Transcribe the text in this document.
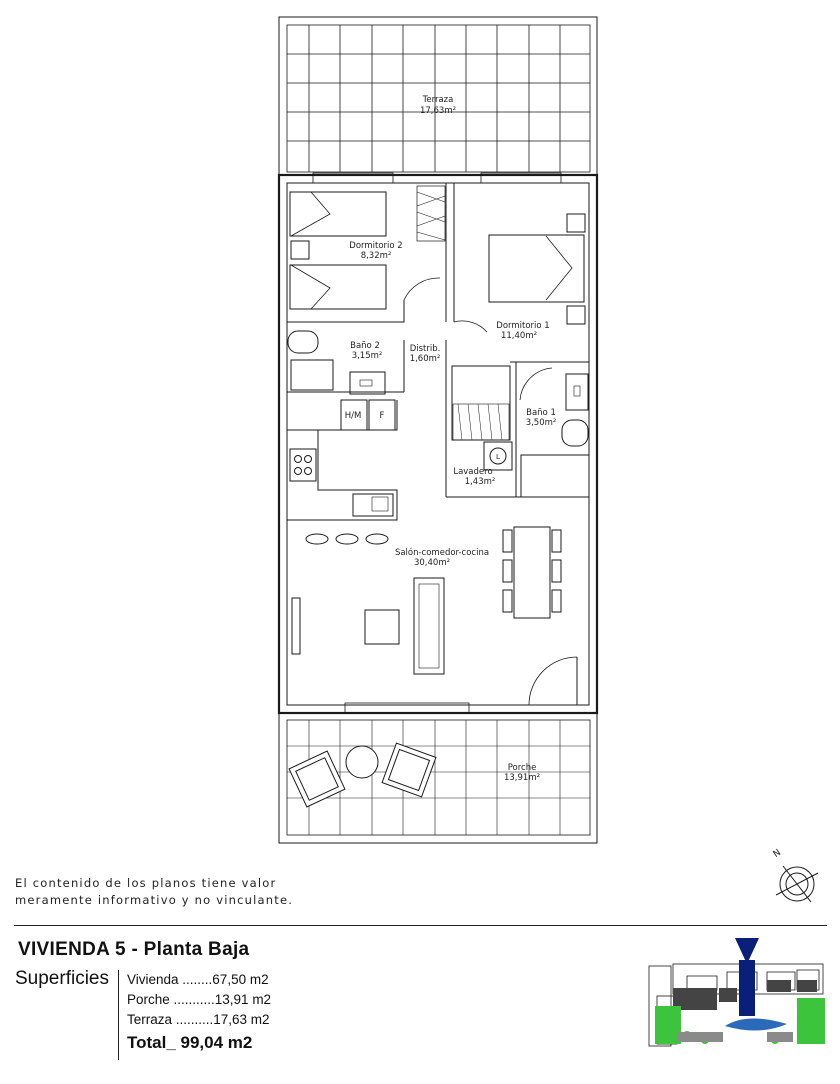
H/M F
L
Terraza
17,63m²
Dormitorio 2
8,32m²
Dormitorio 1
11,40m²
Baño 2
3,15m²
Distrib.
1,60m²
Baño 1
3,50m²
Lavadero
1,43m²
Salón-comedor-cocina
30,40m²
Porche
13,91m²
N
El contenido de los planos tiene valor
meramente informativo y no vinculante.
VIVIENDA 5 - Planta Baja
Superficies Vivienda ........67,50 m2
Porche ...........13,91 m2
Terraza ..........17,63 m2
Total_ 99,04 m2
